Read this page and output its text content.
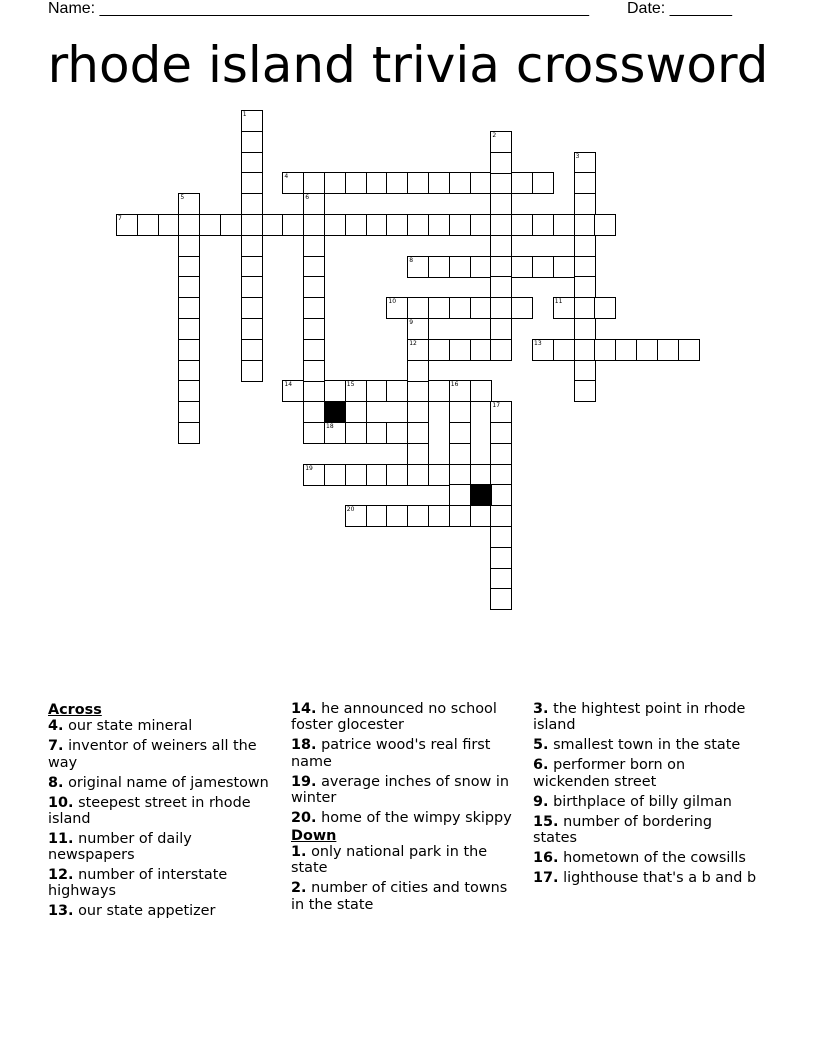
Name: _______________________________________________________ Date: _______
rhode island trivia crossword
4
7
8
10	11
12	13
14	15	16
18
19
20
1
2
3
5	6
9
17
Across
4. our state mineral
7. inventor of weiners all the way
8. original name of jamestown
10. steepest street in rhode island
11. number of daily newspapers
12. number of interstate highways
13. our state appetizer
14. he announced no school foster glocester
18. patrice wood's real first name
19. average inches of snow in winter
20. home of the wimpy skippy
Down
1. only national park in the state
2. number of cities and towns in the state
3. the hightest point in rhode island
5. smallest town in the state
6. performer born on wickenden street
9. birthplace of billy gilman
15. number of bordering states
16. hometown of the cowsills
17. lighthouse that's a b and b
